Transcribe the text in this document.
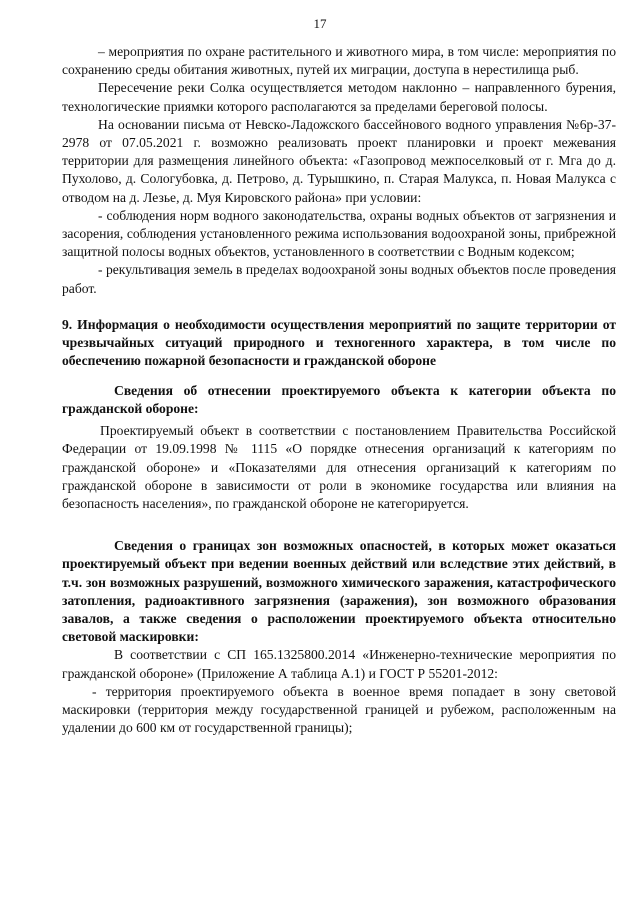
17

– мероприятия по охране растительного и животного мира, в том числе: мероприятия по сохранению среды обитания животных, путей их миграции, доступа в нерестилища рыб.

Пересечение реки Солка осуществляется методом наклонно – направленного бурения, технологические приямки которого располагаются за пределами береговой полосы.

На основании письма от Невско-Ладожского бассейнового водного управления №6р-37-2978 от 07.05.2021 г. возможно реализовать проект планировки и проект межевания территории для размещения линейного объекта: «Газопровод межпоселковый от г. Мга до д. Пухолово, д. Сологубовка, д. Петрово, д. Турышкино, п. Старая Малукса, п. Новая Малукса с отводом на д. Лезье, д. Муя Кировского района» при условии:

- соблюдения норм водного законодательства, охраны водных объектов от загрязнения и засорения, соблюдения установленного режима использования водоохраной зоны, прибрежной защитной полосы водных объектов, установленного в соответствии с Водным кодексом;

- рекультивация земель в пределах водоохраной зоны водных объектов после проведения работ.

9. Информация о необходимости осуществления мероприятий по защите территории от чрезвычайных ситуаций природного и техногенного характера, в том числе по обеспечению пожарной безопасности и гражданской обороне

Сведения об отнесении проектируемого объекта к категории объекта по гражданской обороне:

Проектируемый объект в соответствии с постановлением Правительства Российской Федерации от 19.09.1998 № 1115 «О порядке отнесения организаций к категориям по гражданской обороне» и «Показателями для отнесения организаций к категориям по гражданской обороне в зависимости от роли в экономике государства или влияния на безопасность населения», по гражданской обороне не категорируется.

Сведения о границах зон возможных опасностей, в которых может оказаться проектируемый объект при ведении военных действий или вследствие этих действий, в т.ч. зон возможных разрушений, возможного химического заражения, катастрофического затопления, радиоактивного загрязнения (заражения), зон возможного образования завалов, а также сведения о расположении проектируемого объекта относительно световой маскировки:

В соответствии с СП 165.1325800.2014 «Инженерно-технические мероприятия по гражданской обороне» (Приложение А таблица А.1) и ГОСТ Р 55201-2012:

- территория проектируемого объекта в военное время попадает в зону световой маскировки (территория между государственной границей и рубежом, расположенным на удалении до 600 км от государственной границы);
